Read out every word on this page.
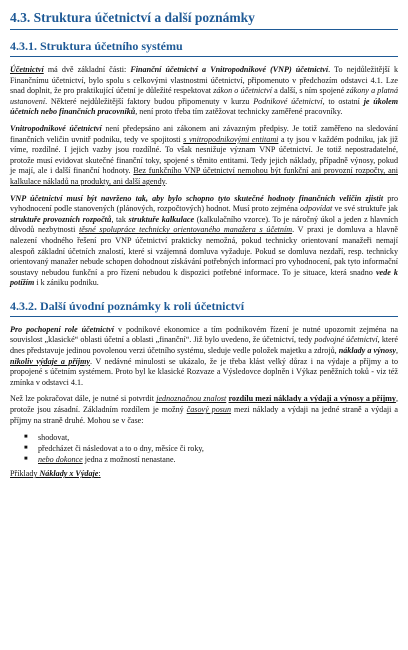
4.3. Struktura účetnictví a další poznámky
4.3.1. Struktura účetního systému

Účetnictví má dvě základní části: Finanční účetnictví a Vnitropodnikové (VNP) účetnictví. To nejdůležitější k Finančnímu účetnictví, bylo spolu s celkovými vlastnostmi účetnictví, připomenuto v předchozím odstavci 4.1. Lze snad doplnit, že pro praktikující účetní je důležité respektovat zákon o účetnictví a další, s ním spojené zákony a platná ustanovení. Některé nejdůležitější faktory budou připomenuty v kurzu Podnikové účetnictví, to ostatní je úkolem účetních nebo finančních pracovníků, není proto třeba tím zatěžovat technicky zaměřené pracovníky.

Vnitropodnikové účetnictví není předepsáno ani zákonem ani závazným předpisy. Je totiž zaměřeno na sledování finančních veličin uvnitř podniku, tedy ve spojitosti s vnitropodnikovými entitami a ty jsou v každém podniku, jak již víme, rozdílné. I jejich vazby jsou rozdílné. To však nesnižuje význam VNP účetnictví. Je totiž nepostradatelné, protože musí evidovat skutečné finanční toky, spojené s těmito entitami. Tedy jejich náklady, případně výnosy, pokud je mají, ale i další finanční hodnoty. Bez funkčního VNP účetnictví nemohou být funkční ani provozní rozpočty, ani kalkulace nákladů na produkty, ani další agendy.

VNP účetnictví musí být navrženo tak, aby bylo schopno tyto skutečné hodnoty finančních veličin zjistit pro vyhodnocení podle stanovených (plánových, rozpočtových) hodnot. Musí proto zejména odpovídat ve své struktuře jak struktuře provozních rozpočtů, tak struktuře kalkulace (kalkulačního vzorce). To je náročný úkol a jeden z hlavních důvodů nezbytnosti těsné spolupráce technicky orientovaného manažera s účetním. V praxi je domluva a hlavně nalezení vhodného řešení pro VNP účetnictví prakticky nemožná, pokud technicky orientovaní manažeři nemají alespoň základní účetních znalostí, které si vzájemná domluva vyžaduje. Pokud se domluva nezdaří, resp. technicky orientovaný manažer nebude schopen dohodnout získávání potřebných informací pro vyhodnocení, pak tyto informační soustavy nebudou funkční a pro řízení nebudou k dispozici potřebné informace. To je situace, která snadno vede k potížím i k zániku podniku.

4.3.2. Další úvodní poznámky k roli účetnictví

Pro pochopení role účetnictví v podnikové ekonomice a tím podnikovém řízení je nutné upozornit zejména na souvislost „klasické“ oblasti účetní a oblasti „finanční“. Již bylo uvedeno, že účetnictví, tedy podvojné účetnictví, které dnes představuje jedinou povolenou verzi účetního systému, sleduje vedle položek majetku a zdrojů, náklady a výnosy, nikoliv výdaje a příjmy. V nedávné minulosti se ukázalo, že je třeba klást velký důraz i na výdaje a příjmy a to propojené s účetním systémem. Proto byl ke klasické Rozvaze a Výsledovce doplněn i Výkaz peněžních toků - viz též zmínka v odstavci 4.1.

Než lze pokračovat dále, je nutné si potvrdit jednoznačnou znalost rozdílu mezi náklady a výdaji a výnosy a příjmy, protože jsou zásadní. Základním rozdílem je možný časový posun mezi náklady a výdaji na jedné straně a výdaji a příjmy na straně druhé. Mohou se v čase:

■ shodovat,
■ předcházet či následovat a to o dny, měsíce či roky,
■ nebo dokonce jedna z možností nenastane.

Příklady Náklady x Výdaje:
